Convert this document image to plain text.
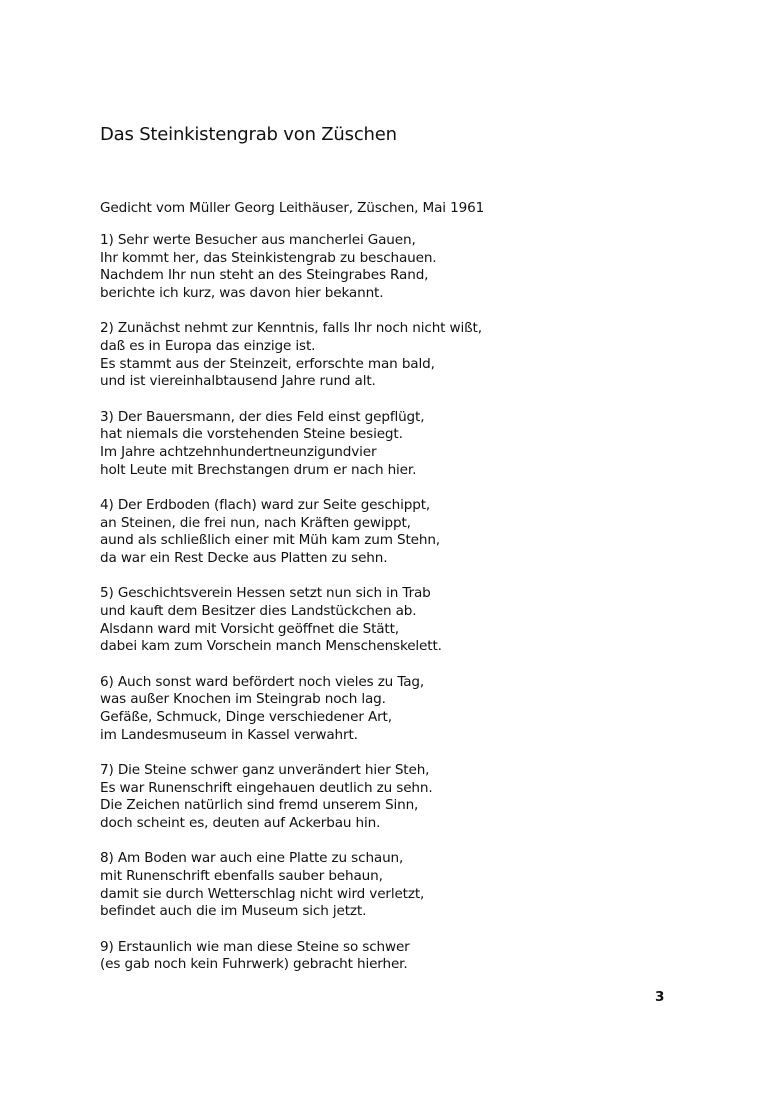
Das Steinkistengrab von Züschen

Gedicht vom Müller Georg Leithäuser, Züschen, Mai 1961

1) Sehr werte Besucher aus mancherlei Gauen,
Ihr kommt her, das Steinkistengrab zu beschauen.
Nachdem Ihr nun steht an des Steingrabes Rand,
berichte ich kurz, was davon hier bekannt.
2) Zunächst nehmt zur Kenntnis, falls Ihr noch nicht wißt,
daß es in Europa das einzige ist.
Es stammt aus der Steinzeit, erforschte man bald,
und ist viereinhalbtausend Jahre rund alt.
3) Der Bauersmann, der dies Feld einst gepflügt,
hat niemals die vorstehenden Steine besiegt.
Im Jahre achtzehnhundertneunzigundvier
holt Leute mit Brechstangen drum er nach hier.
4) Der Erdboden (flach) ward zur Seite geschippt,
an Steinen, die frei nun, nach Kräften gewippt,
aund als schließlich einer mit Müh kam zum Stehn,
da war ein Rest Decke aus Platten zu sehn.
5) Geschichtsverein Hessen setzt nun sich in Trab
und kauft dem Besitzer dies Landstückchen ab.
Alsdann ward mit Vorsicht geöffnet die Stätt,
dabei kam zum Vorschein manch Menschenskelett.
6) Auch sonst ward befördert noch vieles zu Tag,
was außer Knochen im Steingrab noch lag.
Gefäße, Schmuck, Dinge verschiedener Art,
im Landesmuseum in Kassel verwahrt.
7) Die Steine schwer ganz unverändert hier Steh,
Es war Runenschrift eingehauen deutlich zu sehn.
Die Zeichen natürlich sind fremd unserem Sinn,
doch scheint es, deuten auf Ackerbau hin.
8) Am Boden war auch eine Platte zu schaun,
mit Runenschrift ebenfalls sauber behaun,
damit sie durch Wetterschlag nicht wird verletzt,
befindet auch die im Museum sich jetzt.
9) Erstaunlich wie man diese Steine so schwer
(es gab noch kein Fuhrwerk) gebracht hierher.
3
